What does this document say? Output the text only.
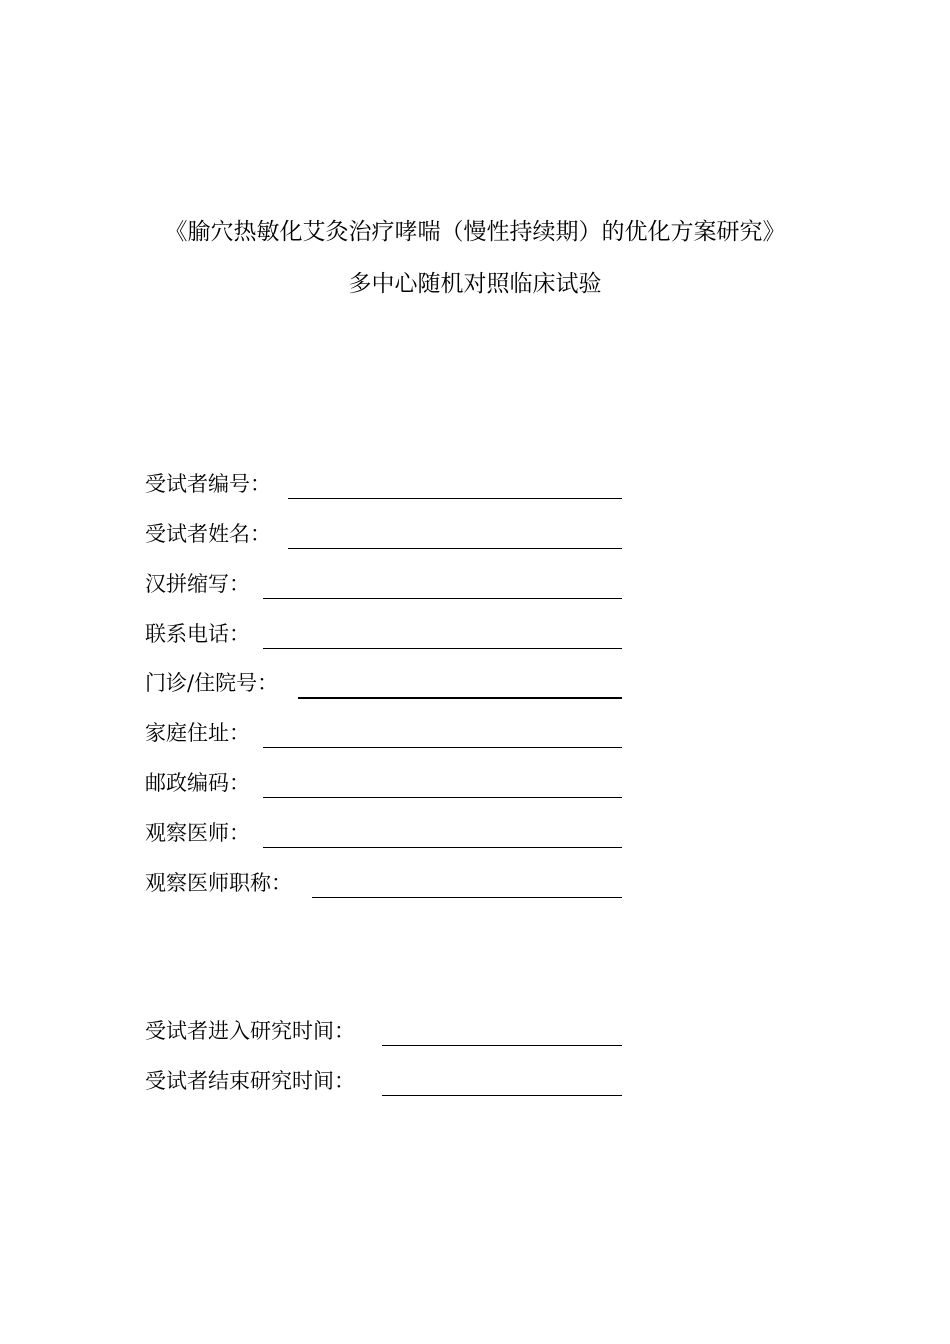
《腧穴热敏化艾灸治疗哮喘（慢性持续期）的优化方案研究》
多中心随机对照临床试验
受试者编号：
受试者姓名：
汉拼缩写：
联系电话：
门诊/住院号：
家庭住址：
邮政编码：
观察医师：
观察医师职称：
受试者进入研究时间：
受试者结束研究时间：
